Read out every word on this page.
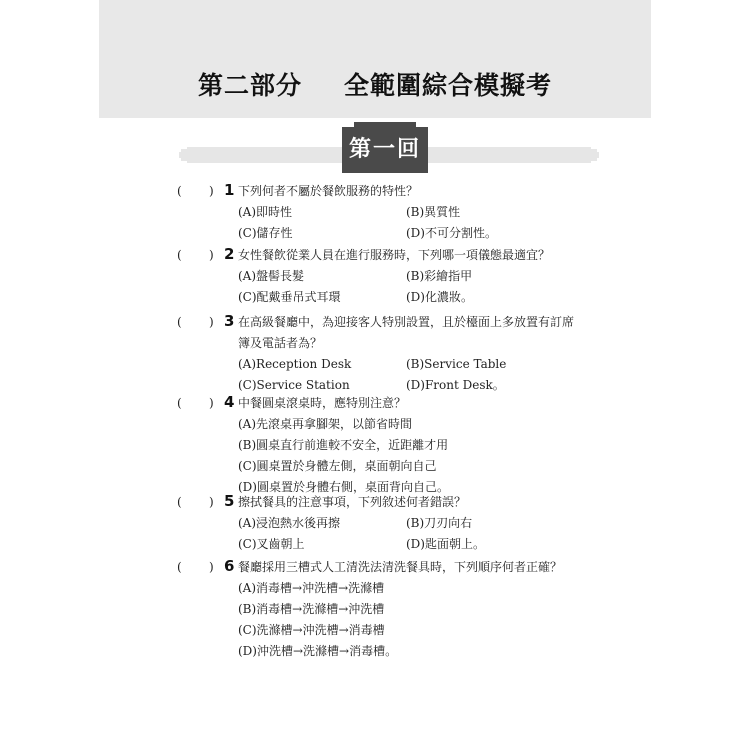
第二部分 全範圍綜合模擬考
第一回
( ) 1 下列何者不屬於餐飲服務的特性？
(A)即時性	(B)異質性
(C)儲存性	(D)不可分割性。
( ) 2 女性餐飲從業人員在進行服務時，下列哪一項儀態最適宜？
(A)盤髻長髮	(B)彩繪指甲
(C)配戴垂吊式耳環	(D)化濃妝。
( ) 3 在高級餐廳中，為迎接客人特別設置，且於檯面上多放置有訂席
簿及電話者為？
(A)Reception Desk	(B)Service Table
(C)Service Station	(D)Front Desk。
( ) 4 中餐圓桌滾桌時，應特別注意？
(A)先滾桌再拿腳架，以節省時間
(B)圓桌直行前進較不安全，近距離才用
(C)圓桌置於身體左側，桌面朝向自己
(D)圓桌置於身體右側，桌面背向自己。
( ) 5 擦拭餐具的注意事項，下列敘述何者錯誤？
(A)浸泡熱水後再擦	(B)刀刃向右
(C)叉齒朝上	(D)匙面朝上。
( ) 6 餐廳採用三槽式人工清洗法清洗餐具時，下列順序何者正確？
(A)消毒槽→沖洗槽→洗滌槽
(B)消毒槽→洗滌槽→沖洗槽
(C)洗滌槽→沖洗槽→消毒槽
(D)沖洗槽→洗滌槽→消毒槽。
